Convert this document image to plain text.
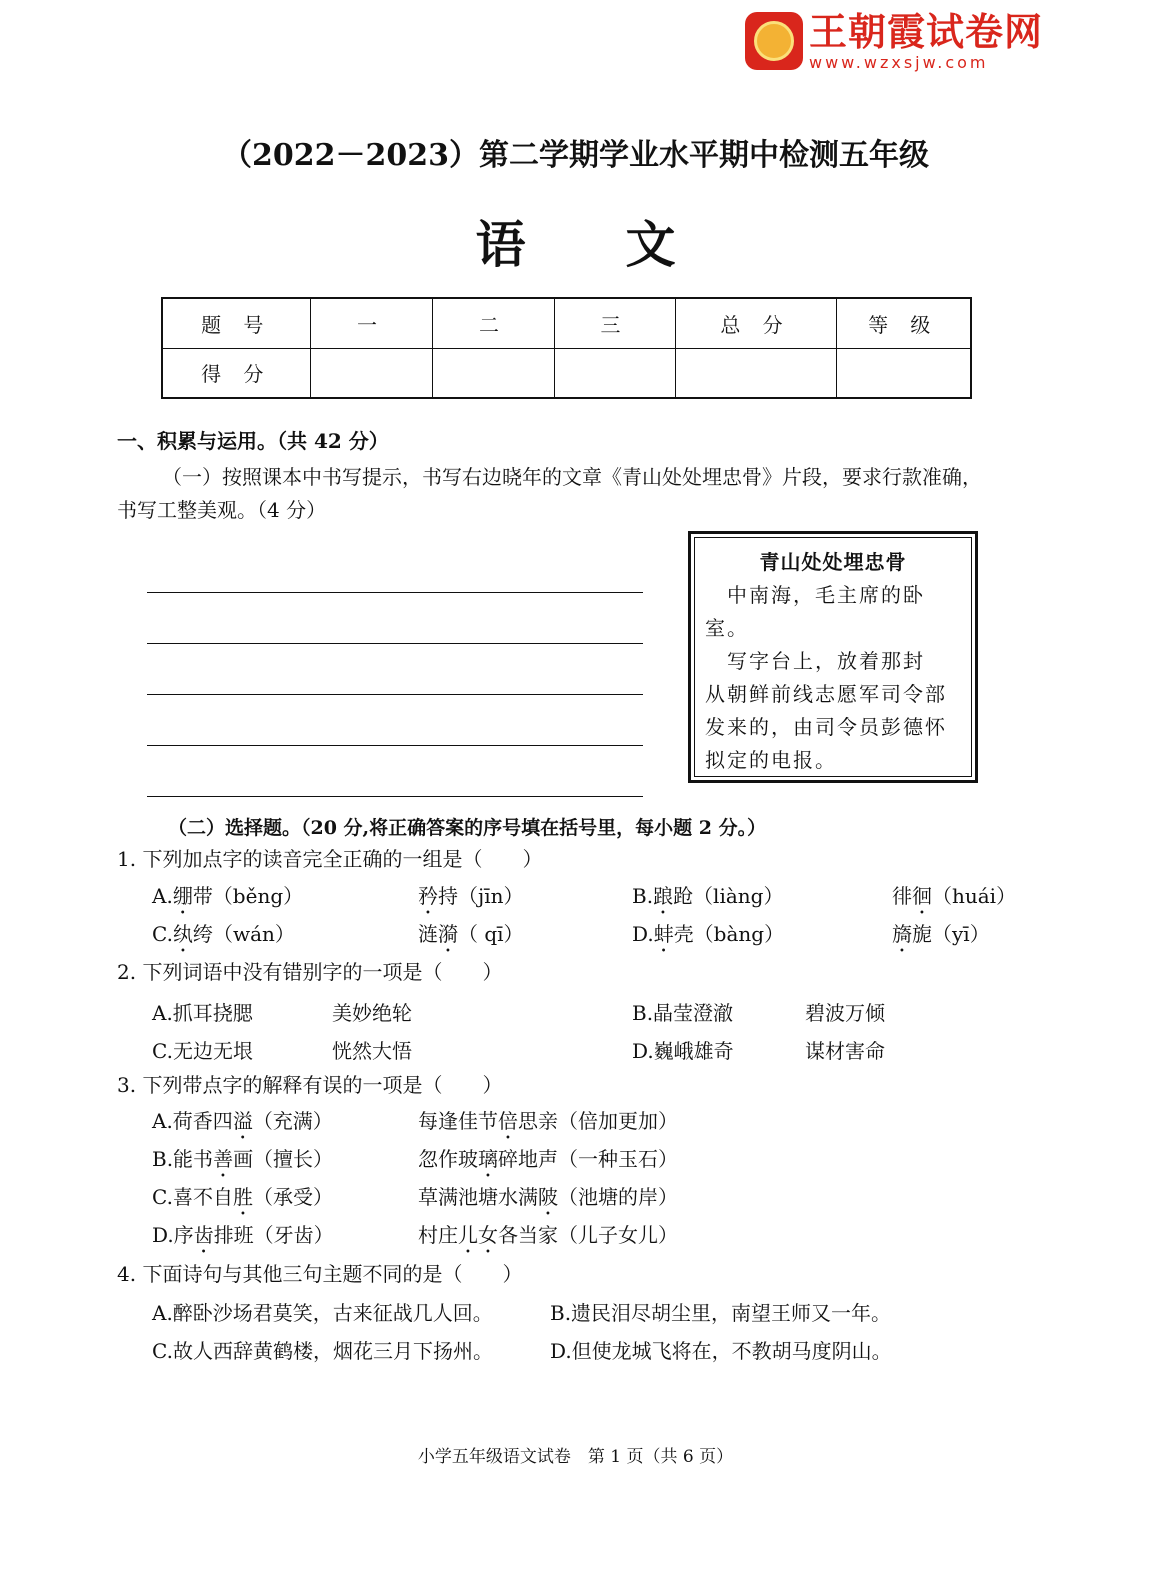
王朝霞试卷网
www.wzxsjw.com
（2022－2023）第二学期学业水平期中检测五年级
语文
题 号	一	二	三	总 分	等 级
得 分					
一、积累与运用。（共 42 分）
（一）按照课本中书写提示，书写右边晓年的文章《青山处处埋忠骨》片段，要求行款准确，
书写工整美观。（4 分）
青山处处埋忠骨
　中南海，毛主席的卧
室。
　写字台上，放着那封
从朝鲜前线志愿军司令部
发来的，由司令员彭德怀
拟定的电报。
（二）选择题。（20 分,将正确答案的序号填在括号里，每小题 2 分。）
1. 下列加点字的读音完全正确的一组是（　　）
A.绷带（běng）	矜持（jīn）	B.踉跄（liàng）	徘徊（huái）
C.纨绔（wán）	涟漪（ qī）	D.蚌壳（bàng）	旖旎（yī）
2. 下列词语中没有错别字的一项是（　　）
A.抓耳挠腮	美妙绝轮	B.晶莹澄澈	碧波万倾
C.无边无垠	恍然大悟	D.巍峨雄奇	谋材害命
3. 下列带点字的解释有误的一项是（　　）
A.荷香四溢（充满）	每逢佳节倍思亲（倍加更加）
B.能书善画（擅长）	忽作玻璃碎地声（一种玉石）
C.喜不自胜（承受）	草满池塘水满陂（池塘的岸）
D.序齿排班（牙齿）	村庄儿女各当家（儿子女儿）
4. 下面诗句与其他三句主题不同的是（　　）
A.醉卧沙场君莫笑，古来征战几人回。	B.遗民泪尽胡尘里，南望王师又一年。
C.故人西辞黄鹤楼，烟花三月下扬州。	D.但使龙城飞将在，不教胡马度阴山。
小学五年级语文试卷　第 1 页（共 6 页）
